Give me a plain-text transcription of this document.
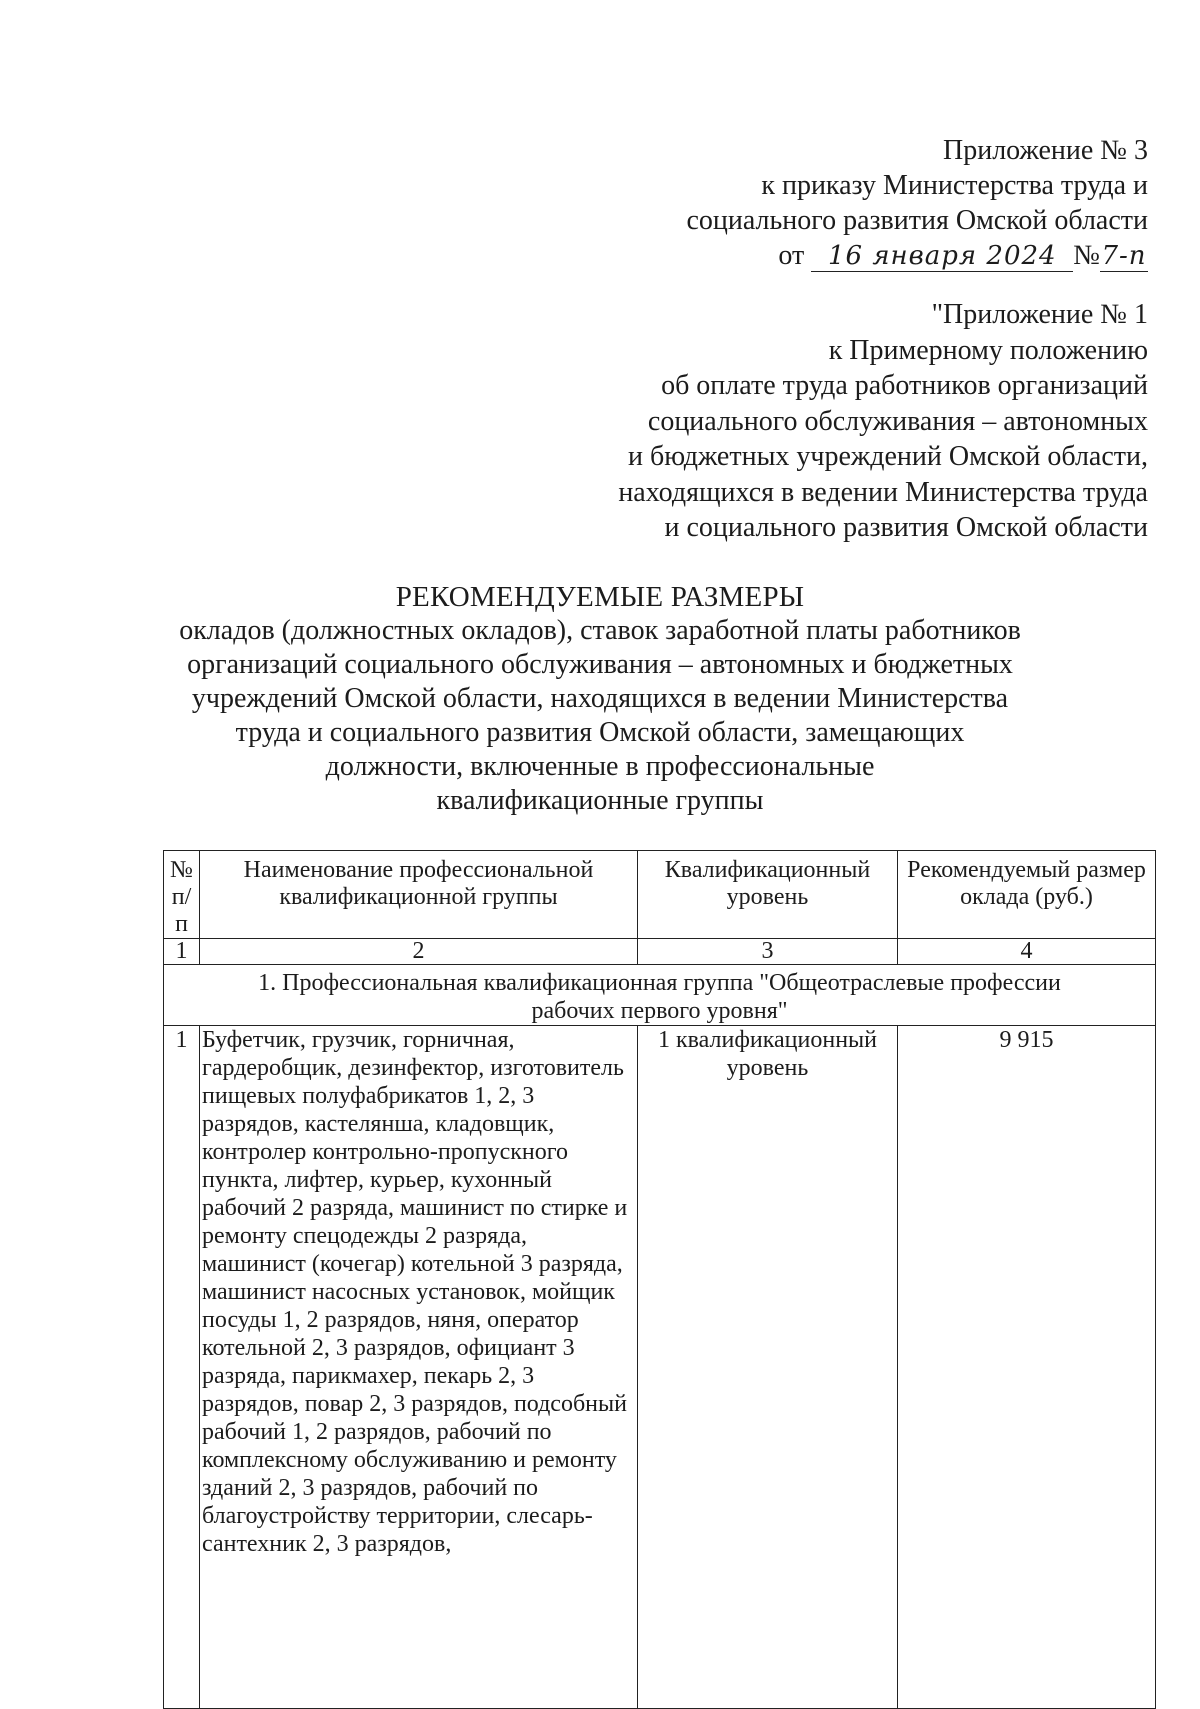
Приложение № 3
к приказу Министерства труда и
социального развития Омской области
от 16 января 2024 №7-п
"Приложение № 1
к Примерному положению
об оплате труда работников организаций
социального обслуживания – автономных
и бюджетных учреждений Омской области,
находящихся в ведении Министерства труда
и социального развития Омской области
РЕКОМЕНДУЕМЫЕ РАЗМЕРЫ
окладов (должностных окладов), ставок заработной платы работников
организаций социального обслуживания – автономных и бюджетных
учреждений Омской области, находящихся в ведении Министерства
труда и социального развития Омской области, замещающих
должности, включенные в профессиональные
квалификационные группы
№ п/п	Наименование профессиональной квалификационной группы	Квалификационный уровень	Рекомендуемый размер оклада (руб.)
1	2	3	4
1. Профессиональная квалификационная группа "Общеотраслевые профессии рабочих первого уровня"			
1	Буфетчик, грузчик, горничная, гардеробщик, дезинфектор, изготовитель пищевых полуфабрикатов 1, 2, 3 разрядов, кастелянша, кладовщик, контролер контрольно-пропускного пункта, лифтер, курьер, кухонный рабочий 2 разряда, машинист по стирке и ремонту спецодежды 2 разряда, машинист (кочегар) котельной 3 разряда, машинист насосных установок, мойщик посуды 1, 2 разрядов, няня, оператор котельной 2, 3 разрядов, официант 3 разряда, парикмахер, пекарь 2, 3 разрядов, повар 2, 3 разрядов, подсобный рабочий 1, 2 разрядов, рабочий по комплексному обслуживанию и ремонту зданий 2, 3 разрядов, рабочий по благоустройству территории, слесарь-сантехник 2, 3 разрядов,	1 квалификационный уровень	9 915
